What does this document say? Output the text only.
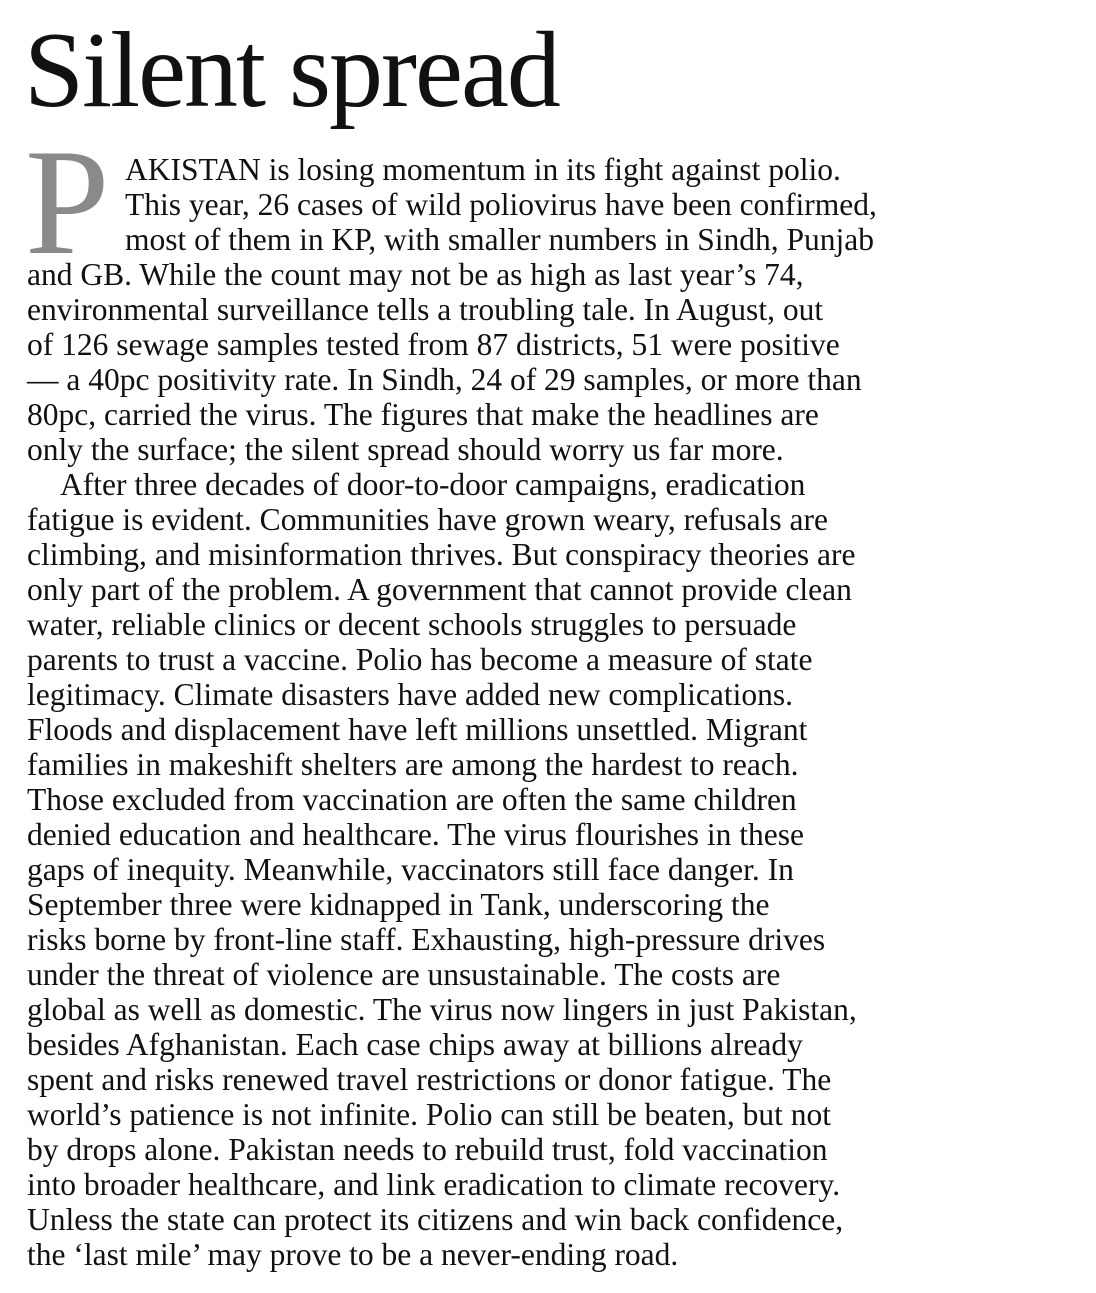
Silent spread
P AKISTAN is losing momentum in its fight against polio.
This year, 26 cases of wild poliovirus have been confirmed,
most of them in KP, with smaller numbers in Sindh, Punjab
and GB. While the count may not be as high as last year’s 74,
environmental surveillance tells a troubling tale. In August, out
of 126 sewage samples tested from 87 districts, 51 were positive
— a 40pc positivity rate. In Sindh, 24 of 29 samples, or more than
80pc, carried the virus. The figures that make the headlines are
only the surface; the silent spread should worry us far more.

After three decades of door-to-door campaigns, eradication
fatigue is evident. Communities have grown weary, refusals are
climbing, and misinformation thrives. But conspiracy theories are
only part of the problem. A government that cannot provide clean
water, reliable clinics or decent schools struggles to persuade
parents to trust a vaccine. Polio has become a measure of state
legitimacy. Climate disasters have added new complications.
Floods and displacement have left millions unsettled. Migrant
families in makeshift shelters are among the hardest to reach.
Those excluded from vaccination are often the same children
denied education and healthcare. The virus flourishes in these
gaps of inequity. Meanwhile, vaccinators still face danger. In
September three were kidnapped in Tank, underscoring the
risks borne by front-line staff. Exhausting, high-pressure drives
under the threat of violence are unsustainable. The costs are
global as well as domestic. The virus now lingers in just Pakistan,
besides Afghanistan. Each case chips away at billions already
spent and risks renewed travel restrictions or donor fatigue. The
world’s patience is not infinite. Polio can still be beaten, but not
by drops alone. Pakistan needs to rebuild trust, fold vaccination
into broader healthcare, and link eradication to climate recovery.
Unless the state can protect its citizens and win back confidence,
the ‘last mile’ may prove to be a never-ending road.
